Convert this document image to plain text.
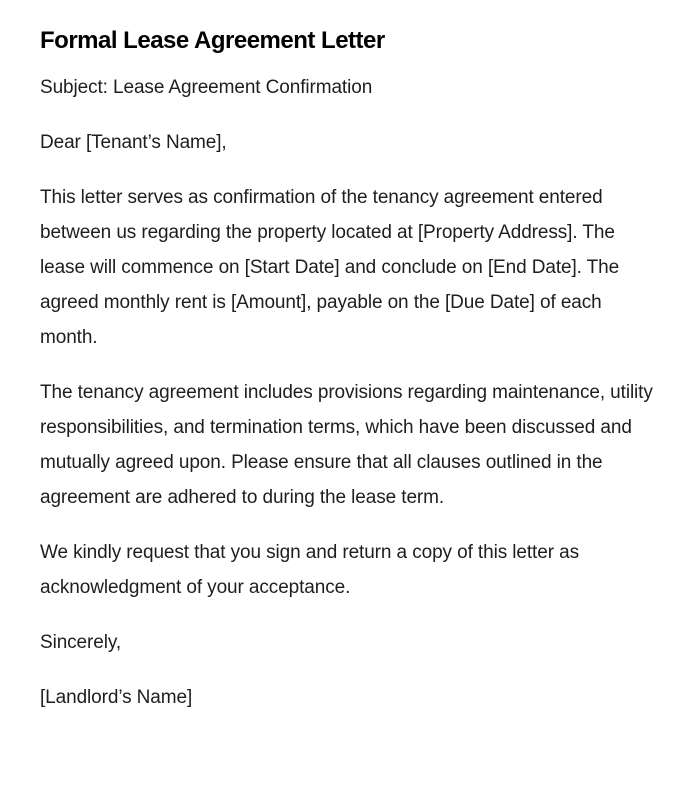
Formal Lease Agreement Letter

Subject: Lease Agreement Confirmation

Dear [Tenant’s Name],

This letter serves as confirmation of the tenancy agreement entered between us regarding the property located at [Property Address]. The lease will commence on [Start Date] and conclude on [End Date]. The agreed monthly rent is [Amount], payable on the [Due Date] of each month.

The tenancy agreement includes provisions regarding maintenance, utility responsibilities, and termination terms, which have been discussed and mutually agreed upon. Please ensure that all clauses outlined in the agreement are adhered to during the lease term.

We kindly request that you sign and return a copy of this letter as acknowledgment of your acceptance.

Sincerely,

[Landlord’s Name]
